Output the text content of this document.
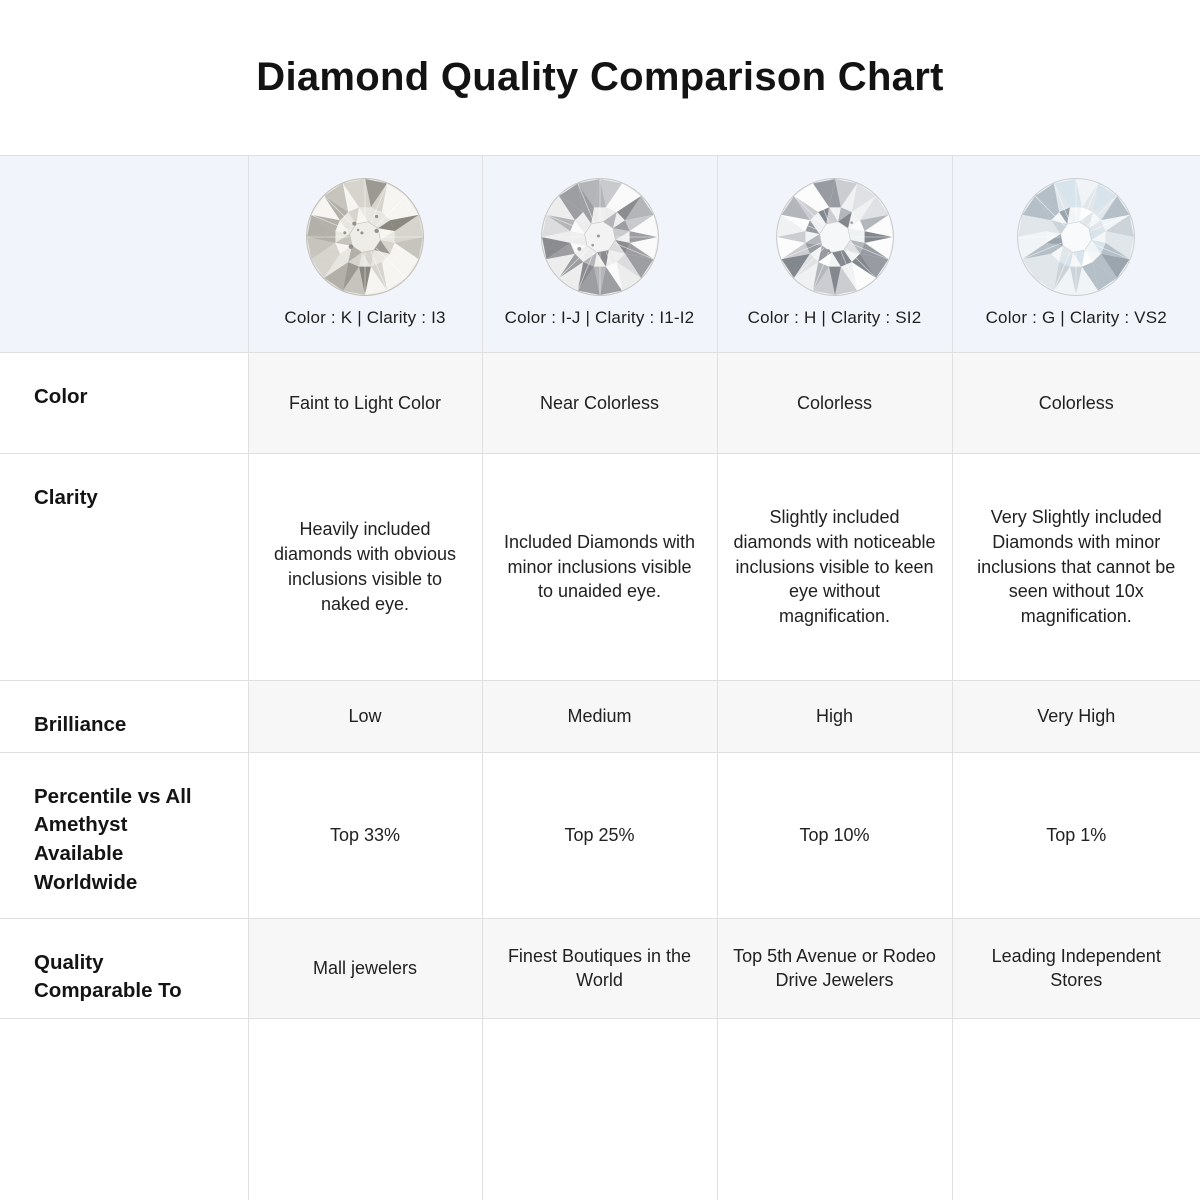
Diamond Quality Comparison Chart

	Color : K | Clarity : I3	Color : I-J | Clarity : I1-I2	Color : H | Clarity : SI2	Color : G | Clarity : VS2

Color	Faint to Light Color	Near Colorless	Colorless	Colorless
Clarity	Heavily included diamonds with obvious inclusions visible to naked eye.	Included Diamonds with minor inclusions visible to unaided eye.	Slightly included diamonds with noticeable inclusions visible to keen eye without magnification.	Very Slightly included Diamonds with minor inclusions that cannot be seen without 10x magnification.
Brilliance	Low	Medium	High	Very High
Percentile vs All Amethyst Available Worldwide	Top 33%	Top 25%	Top 10%	Top 1%
Quality Comparable To	Mall jewelers	Finest Boutiques in the World	Top 5th Avenue or Rodeo Drive Jewelers	Leading Independent Stores
